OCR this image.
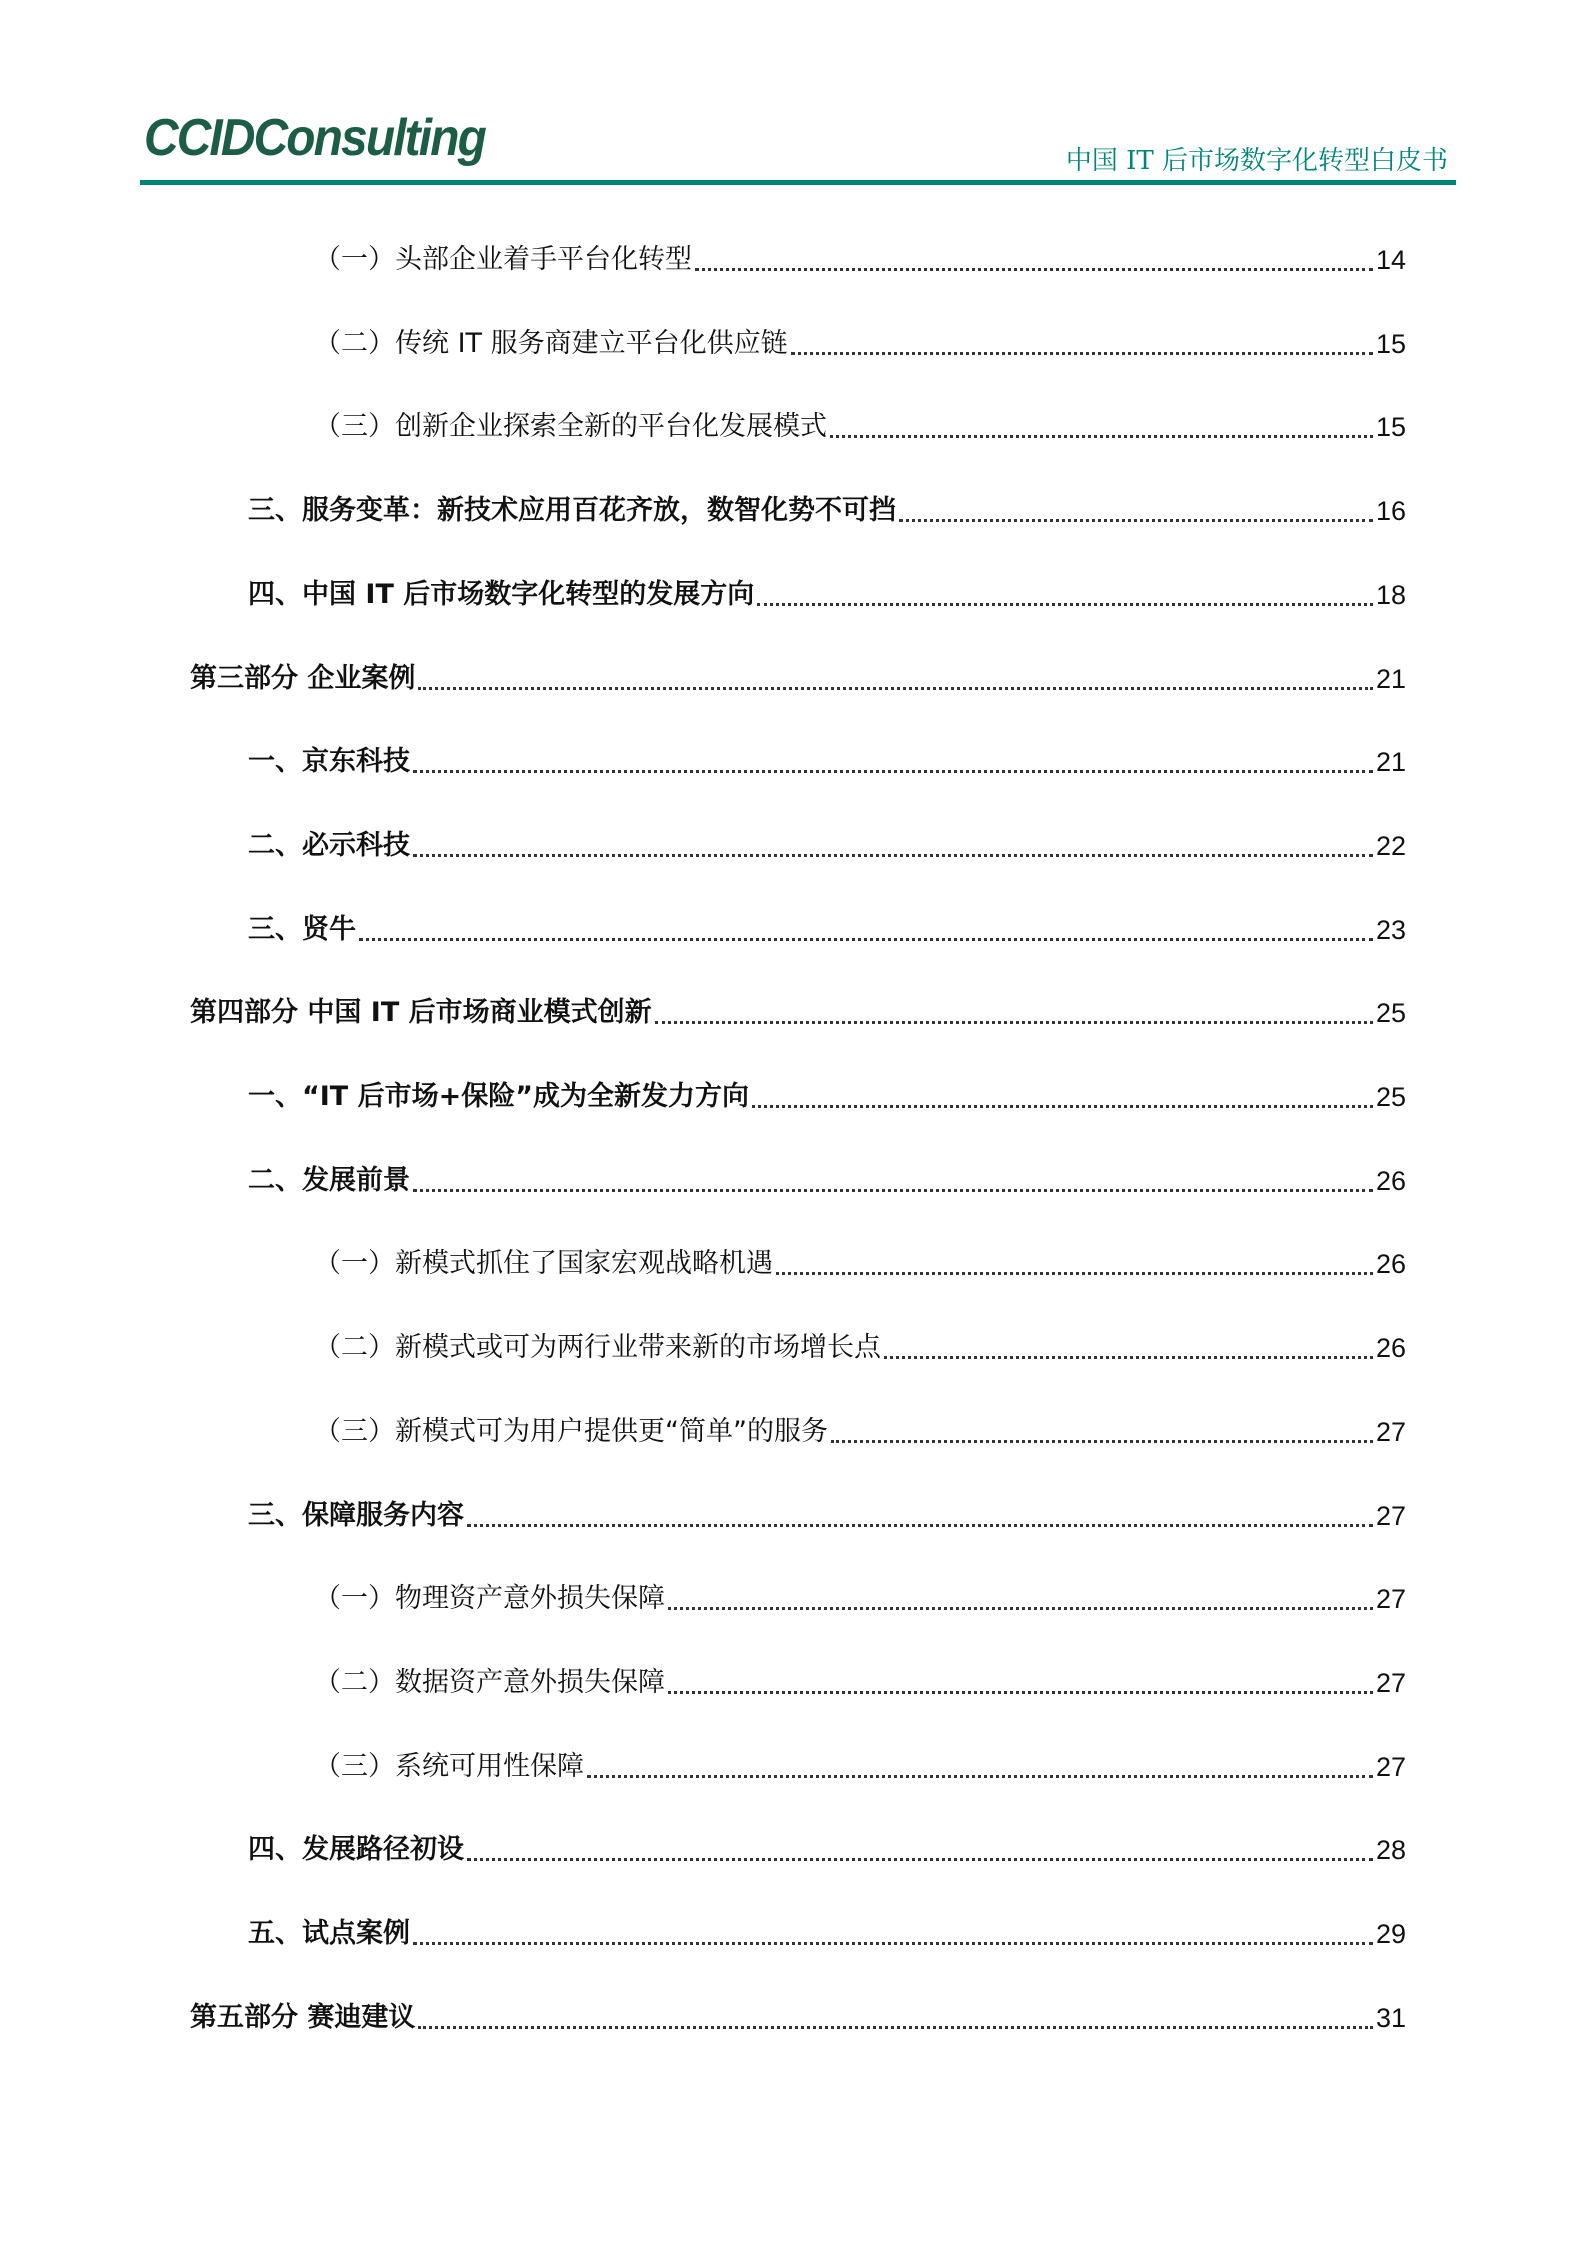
CCIDConsulting	中国 IT 后市场数字化转型白皮书
（一）头部企业着手平台化转型	14
（二）传统 IT 服务商建立平台化供应链	15
（三）创新企业探索全新的平台化发展模式	15
三、服务变革：新技术应用百花齐放，数智化势不可挡	16
四、中国 IT 后市场数字化转型的发展方向	18
第三部分 企业案例	21
一、京东科技	21
二、必示科技	22
三、贤牛	23
第四部分 中国 IT 后市场商业模式创新	25
一、“IT 后市场+保险”成为全新发力方向	25
二、发展前景	26
（一）新模式抓住了国家宏观战略机遇	26
（二）新模式或可为两行业带来新的市场增长点	26
（三）新模式可为用户提供更“简单”的服务	27
三、保障服务内容	27
（一）物理资产意外损失保障	27
（二）数据资产意外损失保障	27
（三）系统可用性保障	27
四、发展路径初设	28
五、试点案例	29
第五部分 赛迪建议	31
